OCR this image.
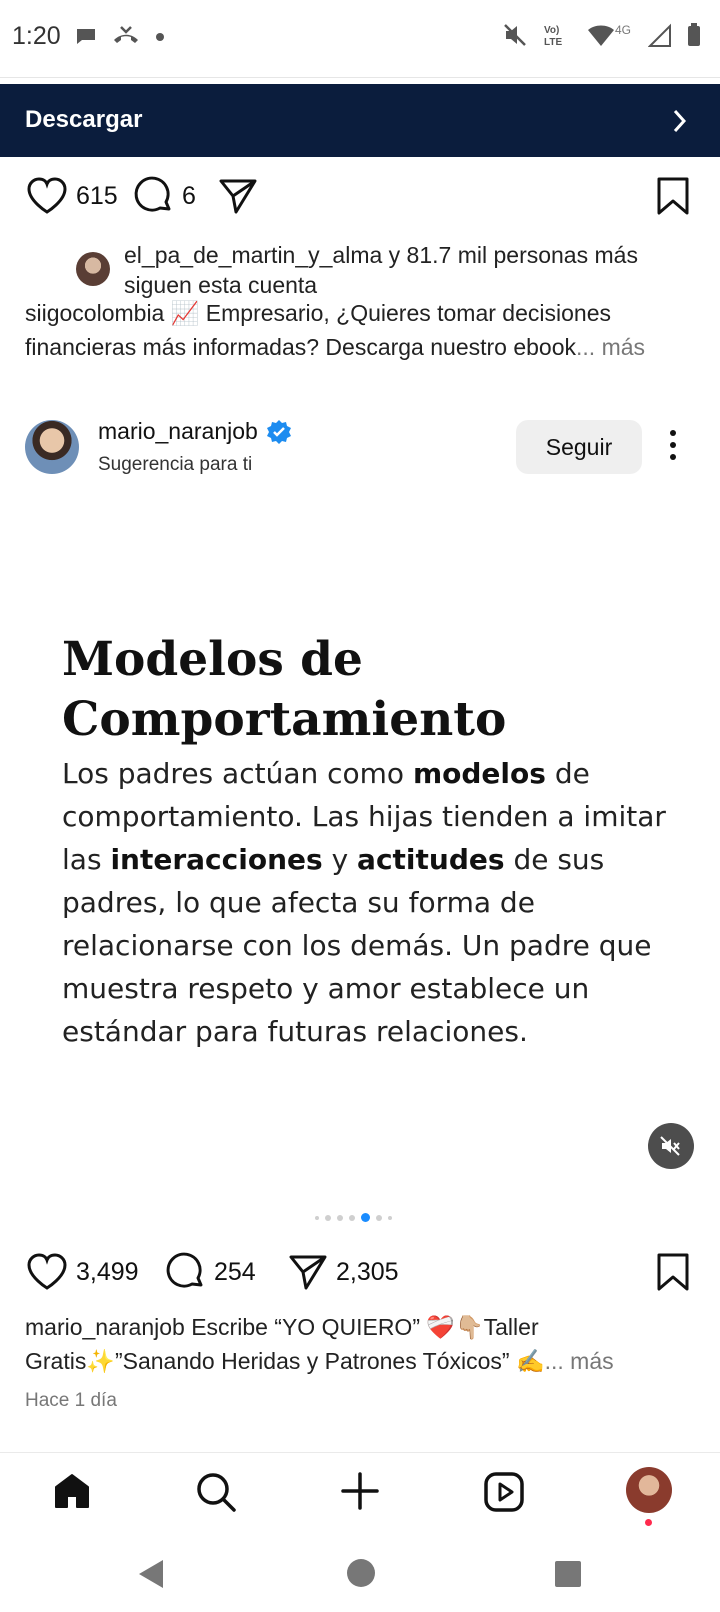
1:20	Vo)
LTE
4G
Descargar
615	6
el_pa_de_martin_y_alma y 81.7 mil personas más siguen esta cuenta
siigocolombia 📈 Empresario, ¿Quieres tomar decisiones financieras más informadas? Descarga nuestro ebook... más
mario_naranjob
Sugerencia para ti
Seguir
Modelos de
Comportamiento
Los padres actúan como modelos de comportamiento. Las hijas tienden a imitar las interacciones y actitudes de sus padres, lo que afecta su forma de relacionarse con los demás. Un padre que muestra respeto y amor establece un estándar para futuras relaciones.
3,499	254	2,305
mario_naranjob Escribe “YO QUIERO” ❤️‍🩹👇🏼Taller Gratis✨”Sanando Heridas y Patrones Tóxicos” ✍️... más
Hace 1 día
